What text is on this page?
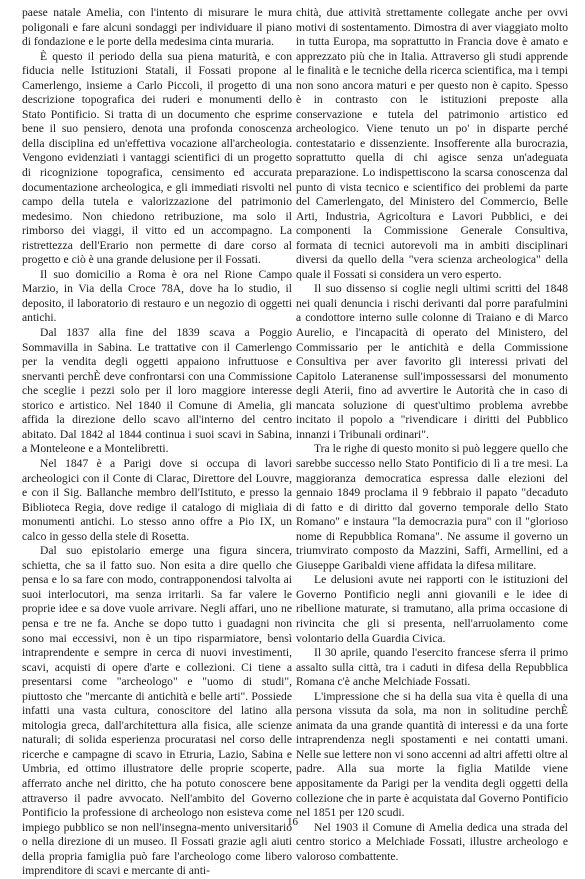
paese natale Amelia, con l'intento di misurare le mura poligonali e fare alcuni sondaggi per individuare il piano di fondazione e le porte della medesima cinta muraria.

È questo il periodo della sua piena maturità, e con fiducia nelle Istituzioni Statali, il Fossati propone al Camerlengo, insieme a Carlo Piccoli, il progetto di una descrizione topografica dei ruderi e monumenti dello Stato Pontificio. Si tratta di un documento che esprime bene il suo pensiero, denota una profonda conoscenza della disciplina ed un'effettiva vocazione all'archeologia. Vengono evidenziati i vantaggi scientifici di un progetto di ricognizione topografica, censimento ed accurata documentazione archeologica, e gli immediati risvolti nel campo della tutela e valorizzazione del patrimonio medesimo. Non chiedono retribuzione, ma solo il rimborso dei viaggi, il vitto ed un accompagno. La ristrettezza dell'Erario non permette di dare corso al progetto e ciò è una grande delusione per il Fossati.

Il suo domicilio a Roma è ora nel Rione Campo Marzio, in Via della Croce 78A, dove ha lo studio, il deposito, il laboratorio di restauro e un negozio di oggetti antichi.

Dal 1837 alla fine del 1839 scava a Poggio Sommavilla in Sabina. Le trattative con il Camerlengo per la vendita degli oggetti appaiono infruttuose e snervanti perchÈ deve confrontarsi con una Commissione che sceglie i pezzi solo per il loro maggiore interesse storico e artistico. Nel 1840 il Comune di Amelia, gli affida la direzione dello scavo all'interno del centro abitato. Dal 1842 al 1844 continua i suoi scavi in Sabina, a Monteleone e a Montelibretti.

Nel 1847 è a Parigi dove si occupa di lavori archeologici con il Conte di Clarac, Direttore del Louvre, e con il Sig. Ballanche membro dell'Istituto, e presso la Biblioteca Regia, dove redige il catalogo di migliaia di monumenti antichi. Lo stesso anno offre a Pio IX, un calco in gesso della stele di Rosetta.

Dal suo epistolario emerge una figura sincera, schietta, che sa il fatto suo. Non esita a dire quello che pensa e lo sa fare con modo, contrapponendosi talvolta ai suoi interlocutori, ma senza irritarli. Sa far valere le proprie idee e sa dove vuole arrivare. Negli affari, uno ne pensa e tre ne fa. Anche se dopo tutto i guadagni non sono mai eccessivi, non è un tipo risparmiatore, bensì intraprendente e sempre in cerca di nuovi investimenti, scavi, acquisti di opere d'arte e collezioni. Ci tiene a presentarsi come "archeologo" e "uomo di studi", piuttosto che "mercante di antichità e belle arti". Possiede infatti una vasta cultura, conoscitore del latino alla mitologia greca, dall'architettura alla fisica, alle scienze naturali; di solida esperienza procuratasi nel corso delle ricerche e campagne di scavo in Etruria, Lazio, Sabina e Umbria, ed ottimo illustratore delle proprie scoperte, afferrato anche nel diritto, che ha potuto conoscere bene attraverso il padre avvocato. Nell'ambito del Governo Pontificio la professione di archeologo non esisteva come impiego pubblico se non nell'insegna-mento universitario o nella direzione di un museo. Il Fossati grazie agli aiuti della propria famiglia può fare l'archeologo come libero imprenditore di scavi e mercante di anti-

chità, due attività strettamente collegate anche per ovvi motivi di sostentamento. Dimostra di aver viaggiato molto in tutta Europa, ma soprattutto in Francia dove è amato e apprezzato più che in Italia. Attraverso gli studi apprende le finalità e le tecniche della ricerca scientifica, ma i tempi non sono ancora maturi e per questo non è capito. Spesso è in contrasto con le istituzioni preposte alla conservazione e tutela del patrimonio artistico ed archeologico. Viene tenuto un po' in disparte perché contestatario e dissenziente. Insofferente alla burocrazia, soprattutto quella di chi agisce senza un'adeguata preparazione. Lo indispettiscono la scarsa conoscenza dal punto di vista tecnico e scientifico dei problemi da parte del Camerlengato, del Ministero del Commercio, Belle Arti, Industria, Agricoltura e Lavori Pubblici, e dei componenti la Commissione Generale Consultiva, formata di tecnici autorevoli ma in ambiti disciplinari diversi da quello della "vera scienza archeologica" della quale il Fossati si considera un vero esperto.

Il suo dissenso si coglie negli ultimi scritti del 1848 nei quali denuncia i rischi derivanti dal porre parafulmini a condottore interno sulle colonne di Traiano e di Marco Aurelio, e l'incapacità di operato del Ministero, del Commissario per le antichità e della Commissione Consultiva per aver favorito gli interessi privati del Capitolo Lateranense sull'impossessarsi del monumento degli Aterii, fino ad avvertire le Autorità che in caso di mancata soluzione di quest'ultimo problema avrebbe incitato il popolo a "rivendicare i diritti del Pubblico innanzi i Tribunali ordinari".

Tra le righe di questo monito si può leggere quello che sarebbe successo nello Stato Pontificio di lì a tre mesi. La maggioranza democratica espressa dalle elezioni del gennaio 1849 proclama il 9 febbraio il papato "decaduto di fatto e di diritto dal governo temporale dello Stato Romano" e instaura "la democrazia pura" con il "glorioso nome di Repubblica Romana". Ne assume il governo un triumvirato composto da Mazzini, Saffi, Armellini, ed a Giuseppe Garibaldi viene affidata la difesa militare.

Le delusioni avute nei rapporti con le istituzioni del Governo Pontificio negli anni giovanili e le idee di ribellione maturate, si tramutano, alla prima occasione di rivincita che gli si presenta, nell'arruolamento come volontario della Guardia Civica.

Il 30 aprile, quando l'esercito francese sferra il primo assalto sulla città, tra i caduti in difesa della Repubblica Romana c'è anche Melchiade Fossati.

L'impressione che si ha della sua vita è quella di una persona vissuta da sola, ma non in solitudine perchÈ animata da una grande quantità di interessi e da una forte intraprendenza negli spostamenti e nei contatti umani. Nelle sue lettere non vi sono accenni ad altri affetti oltre al padre. Alla sua morte la figlia Matilde viene appositamente da Parigi per la vendita degli oggetti della collezione che in parte è acquistata dal Governo Pontificio nel 1851 per 120 scudi.

Nel 1903 il Comune di Amelia dedica una strada del centro storico a Melchiade Fossati, illustre archeologo e valoroso combattente.

16
